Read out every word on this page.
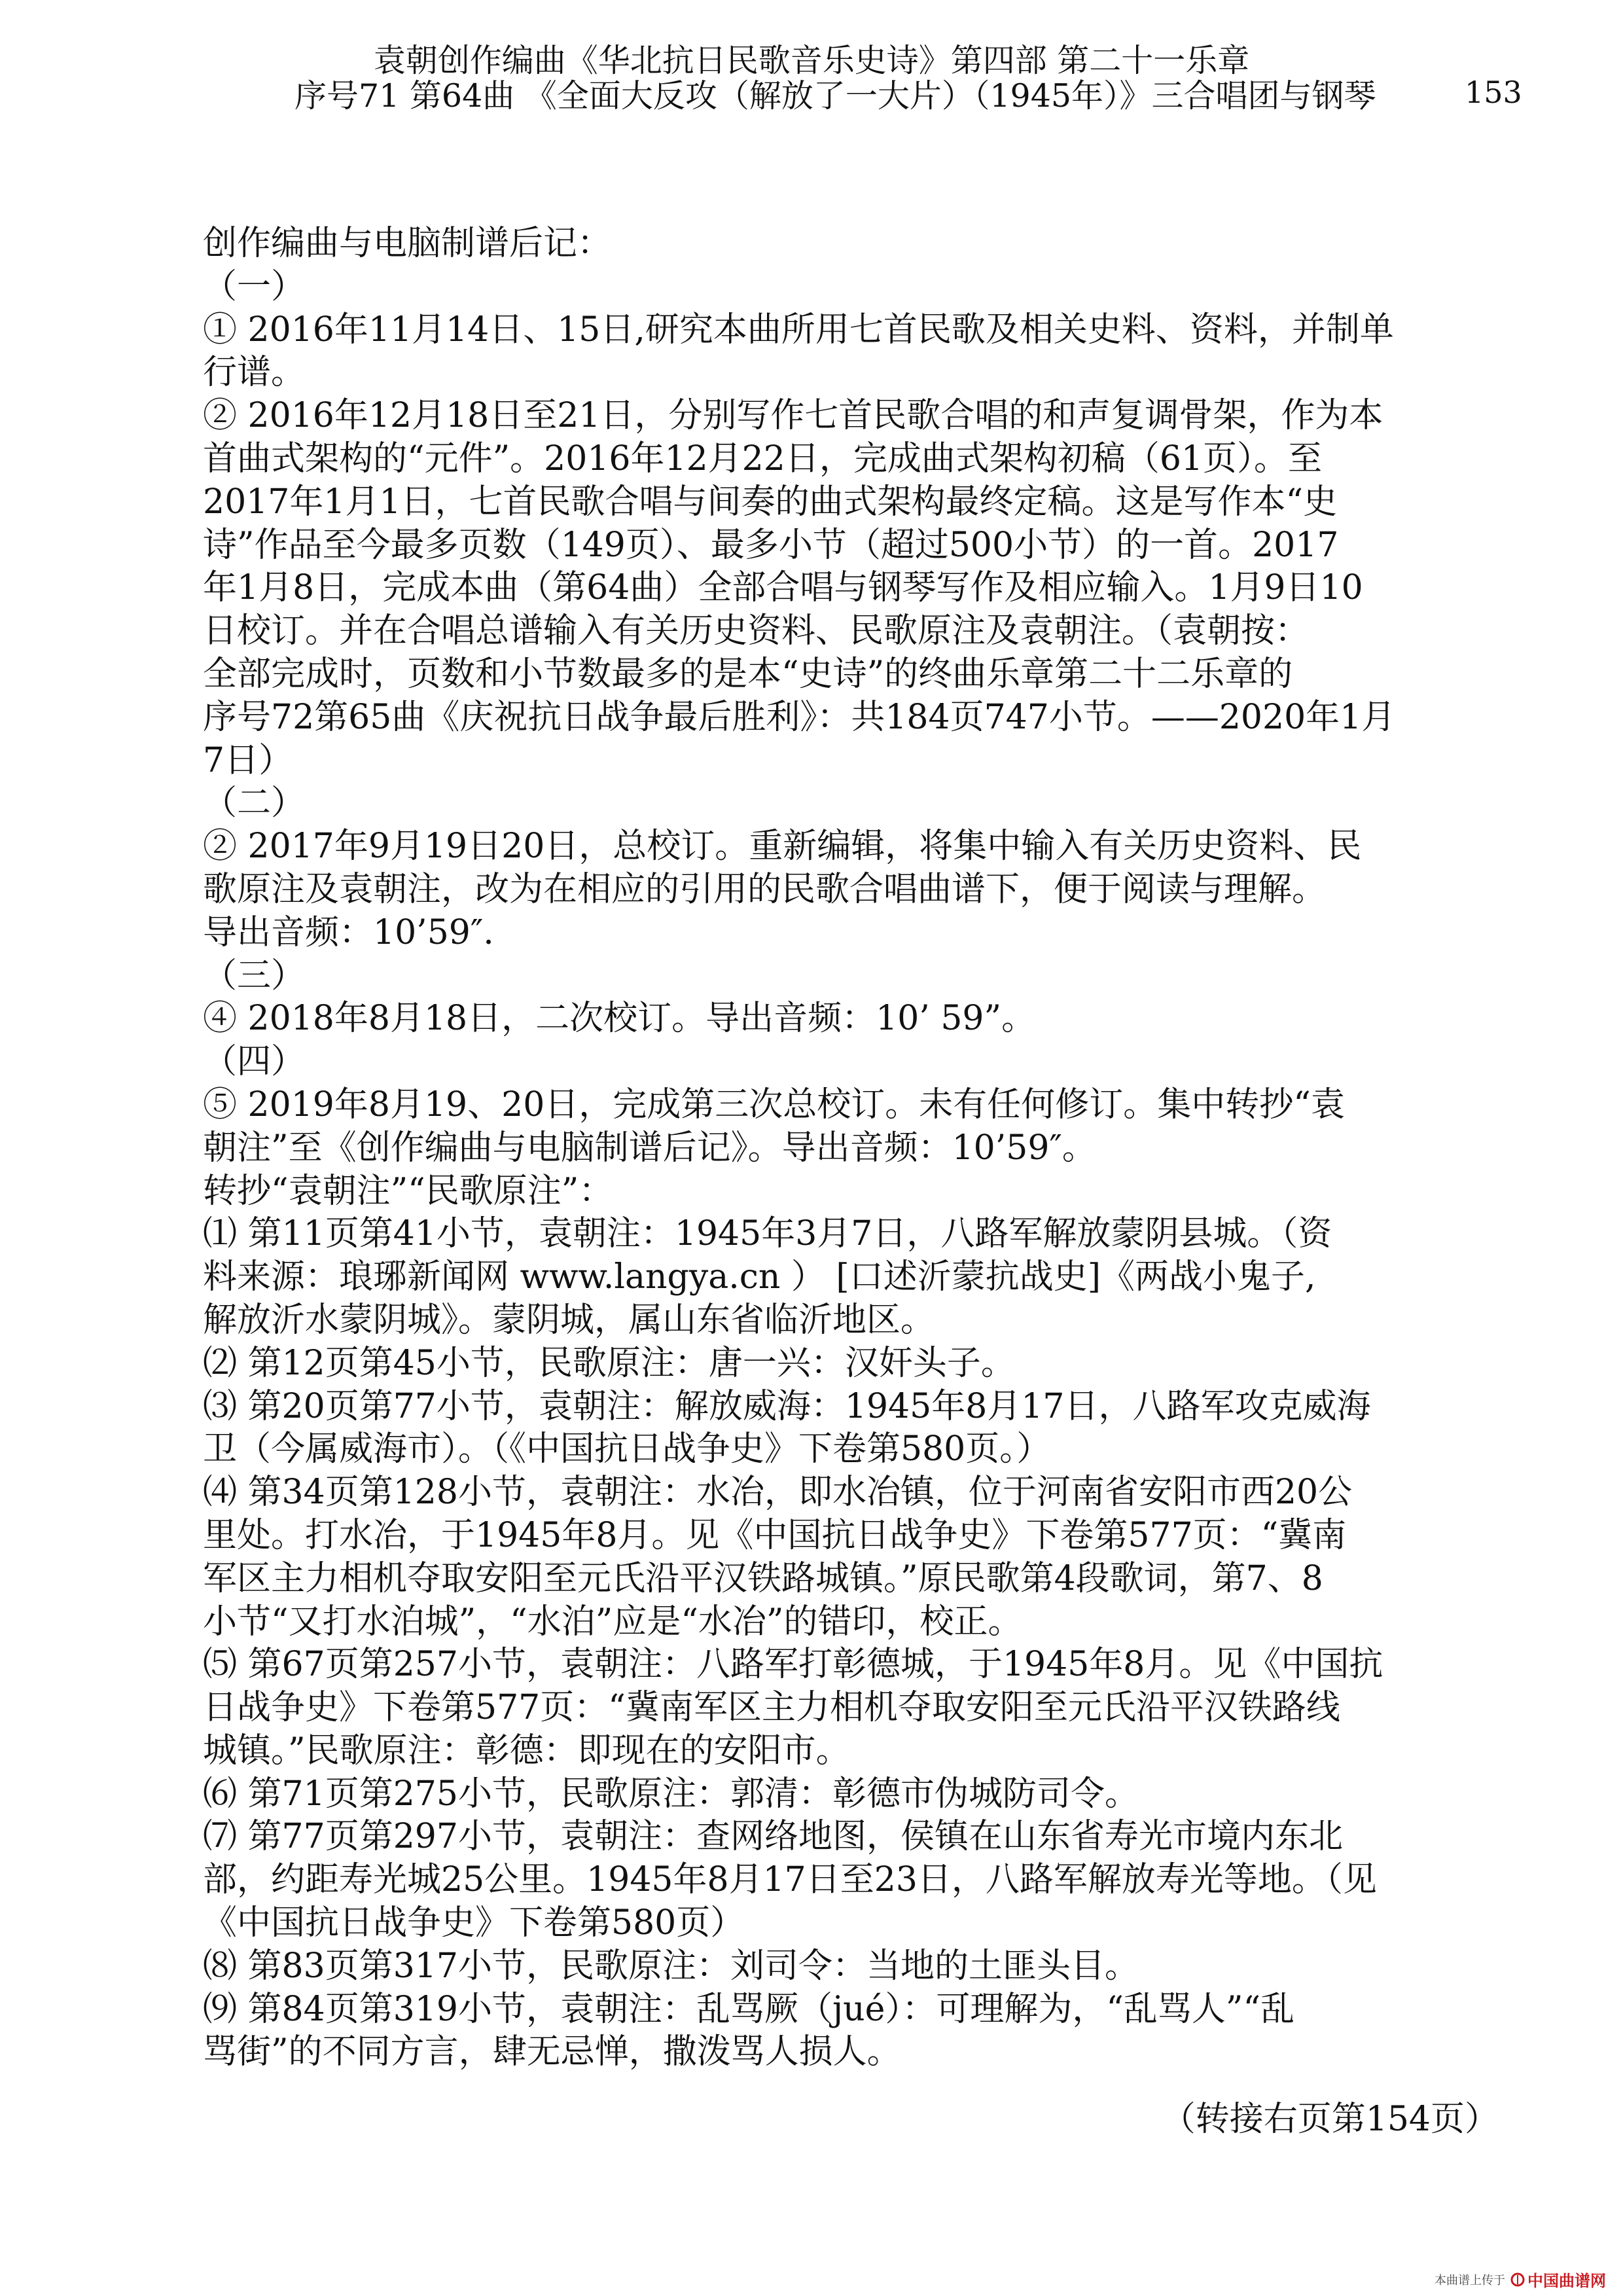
袁朝创作编曲《华北抗日民歌音乐史诗》第四部 第二十一乐章
序号71 第64曲 《全面大反攻（解放了一大片）（1945年）》三合唱团与钢琴	153
创作编曲与电脑制谱后记：
（一）
① 2016年11月14日、15日,研究本曲所用七首民歌及相关史料、资料，并制单
行谱。
② 2016年12月18日至21日，分别写作七首民歌合唱的和声复调骨架，作为本
首曲式架构的“元件”。2016年12月22日，完成曲式架构初稿（61页）。至
2017年1月1日，七首民歌合唱与间奏的曲式架构最终定稿。这是写作本“史
诗”作品至今最多页数（149页）、最多小节（超过500小节）的一首。2017
年1月8日，完成本曲（第64曲）全部合唱与钢琴写作及相应输入。1月9日10
日校订。并在合唱总谱输入有关历史资料、民歌原注及袁朝注。（袁朝按：
全部完成时，页数和小节数最多的是本“史诗”的终曲乐章第二十二乐章的
序号72第65曲《庆祝抗日战争最后胜利》：共184页747小节。——2020年1月
7日）
（二）
② 2017年9月19日20日，总校订。重新编辑，将集中输入有关历史资料、民
歌原注及袁朝注，改为在相应的引用的民歌合唱曲谱下，便于阅读与理解。
导出音频：10’59″.
（三）
④ 2018年8月18日，二次校订。导出音频：10’ 59”。
（四）
⑤ 2019年8月19、20日，完成第三次总校订。未有任何修订。集中转抄“袁
朝注”至《创作编曲与电脑制谱后记》。导出音频：10’59″。
转抄“袁朝注”“民歌原注”：
⑴ 第11页第41小节，袁朝注：1945年3月7日，八路军解放蒙阴县城。（资
料来源：琅琊新闻网 www.langya.cn ） [口述沂蒙抗战史]《两战小鬼子,
解放沂水蒙阴城》。蒙阴城，属山东省临沂地区。
⑵ 第12页第45小节，民歌原注：唐一兴：汉奸头子。
⑶ 第20页第77小节，袁朝注：解放威海：1945年8月17日，八路军攻克威海
卫（今属威海市）。（《中国抗日战争史》下卷第580页。）
⑷ 第34页第128小节，袁朝注：水冶，即水冶镇，位于河南省安阳市西20公
里处。打水冶，于1945年8月。见《中国抗日战争史》下卷第577页：“冀南
军区主力相机夺取安阳至元氏沿平汉铁路城镇。”原民歌第4段歌词，第7、8
小节“又打水泊城”，“水泊”应是“水冶”的错印，校正。
⑸ 第67页第257小节，袁朝注：八路军打彰德城，于1945年8月。见《中国抗
日战争史》下卷第577页：“冀南军区主力相机夺取安阳至元氏沿平汉铁路线
城镇。”民歌原注：彰德：即现在的安阳市。
⑹ 第71页第275小节，民歌原注：郭清：彰德市伪城防司令。
⑺ 第77页第297小节，袁朝注：查网络地图，侯镇在山东省寿光市境内东北
部，约距寿光城25公里。1945年8月17日至23日，八路军解放寿光等地。（见
《中国抗日战争史》下卷第580页）
⑻ 第83页第317小节，民歌原注：刘司令：当地的土匪头目。
⑼ 第84页第319小节，袁朝注：乱骂厥（jué）：可理解为，“乱骂人”“乱
骂街”的不同方言，肆无忌惮，撒泼骂人损人。
（转接右页第154页）
本曲谱上传于 中国曲谱网
